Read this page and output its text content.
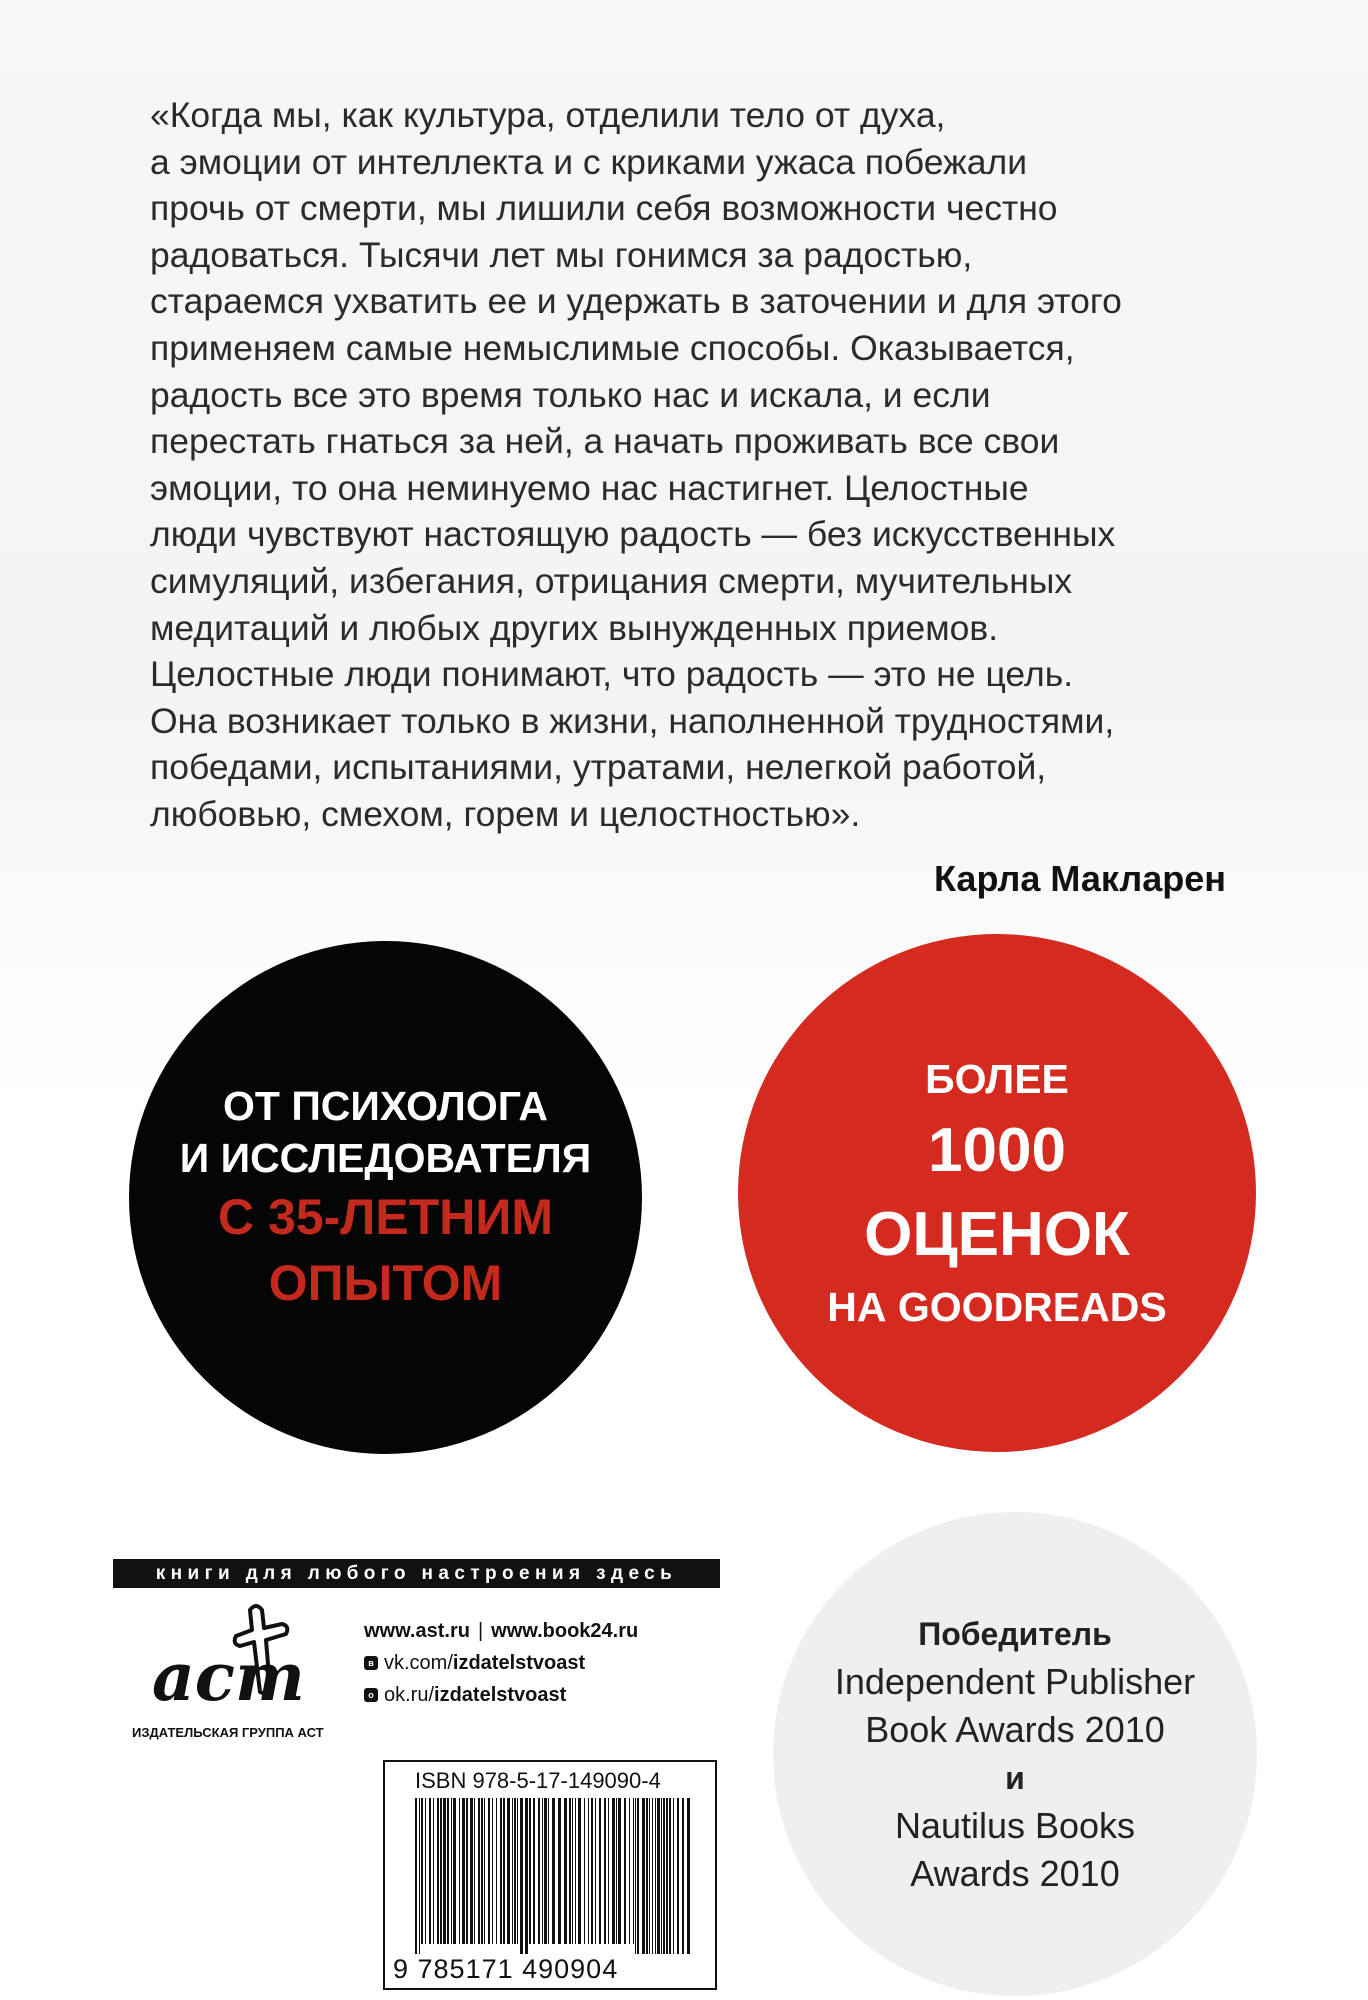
«Когда мы, как культура, отделили тело от духа,
а эмоции от интеллекта и с криками ужаса побежали
прочь от смерти, мы лишили себя возможности честно
радоваться. Тысячи лет мы гонимся за радостью,
стараемся ухватить ее и удержать в заточении и для этого
применяем самые немыслимые способы. Оказывается,
радость все это время только нас и искала, и если
перестать гнаться за ней, а начать проживать все свои
эмоции, то она неминуемо нас настигнет. Целостные
люди чувствуют настоящую радость — без искусственных
симуляций, избегания, отрицания смерти, мучительных
медитаций и любых других вынужденных приемов.
Целостные люди понимают, что радость — это не цель.
Она возникает только в жизни, наполненной трудностями,
победами, испытаниями, утратами, нелегкой работой,
любовью, смехом, горем и целостностью».
Карла Макларен
ОТ ПСИХОЛОГА
И ИССЛЕДОВАТЕЛЯ
С 35-ЛЕТНИМ
ОПЫТОМ
БОЛЕЕ
1000
ОЦЕНОК
НА GOODREADS
книги для любого настроения здесь
аст
ИЗДАТЕЛЬСКАЯ ГРУППА АСТ
www.ast.ru | www.book24.ru
в vk.com/ izdatelstvoast
о ok.ru/ izdatelstvoast
ISBN 978-5-17-149090-4
9 785171 490904
Победитель
Independent Publisher
Book Awards 2010
и
Nautilus Books
Awards 2010
